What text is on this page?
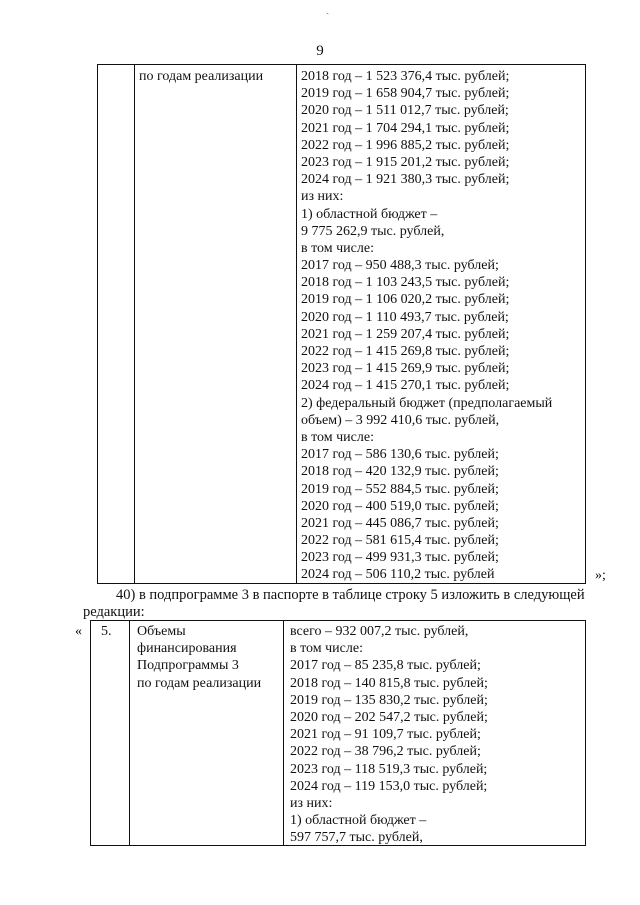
ˎ
9
по годам реализации	2018 год – 1 523 376,4 тыс. рублей;
2019 год – 1 658 904,7 тыс. рублей;
2020 год – 1 511 012,7 тыс. рублей;
2021 год – 1 704 294,1 тыс. рублей;
2022 год – 1 996 885,2 тыс. рублей;
2023 год – 1 915 201,2 тыс. рублей;
2024 год – 1 921 380,3 тыс. рублей;
из них:
1) областной бюджет –
9 775 262,9 тыс. рублей,
в том числе:
2017 год – 950 488,3 тыс. рублей;
2018 год – 1 103 243,5 тыс. рублей;
2019 год – 1 106 020,2 тыс. рублей;
2020 год – 1 110 493,7 тыс. рублей;
2021 год – 1 259 207,4 тыс. рублей;
2022 год – 1 415 269,8 тыс. рублей;
2023 год – 1 415 269,9 тыс. рублей;
2024 год – 1 415 270,1 тыс. рублей;
2) федеральный бюджет (предполагаемый
объем) – 3 992 410,6 тыс. рублей,
в том числе:
2017 год – 586 130,6 тыс. рублей;
2018 год – 420 132,9 тыс. рублей;
2019 год – 552 884,5 тыс. рублей;
2020 год – 400 519,0 тыс. рублей;
2021 год – 445 086,7 тыс. рублей;
2022 год – 581 615,4 тыс. рублей;
2023 год – 499 931,3 тыс. рублей;
2024 год – 506 110,2 тыс. рублей	»;
40) в подпрограмме 3 в паспорте в таблице строку 5 изложить в следующей
редакции:
« 5. Объемы
финансирования
Подпрограммы 3
по годам реализации
всего – 932 007,2 тыс. рублей,
в том числе:
2017 год – 85 235,8 тыс. рублей;
2018 год – 140 815,8 тыс. рублей;
2019 год – 135 830,2 тыс. рублей;
2020 год – 202 547,2 тыс. рублей;
2021 год – 91 109,7 тыс. рублей;
2022 год – 38 796,2 тыс. рублей;
2023 год – 118 519,3 тыс. рублей;
2024 год – 119 153,0 тыс. рублей;
из них:
1) областной бюджет –
597 757,7 тыс. рублей,
